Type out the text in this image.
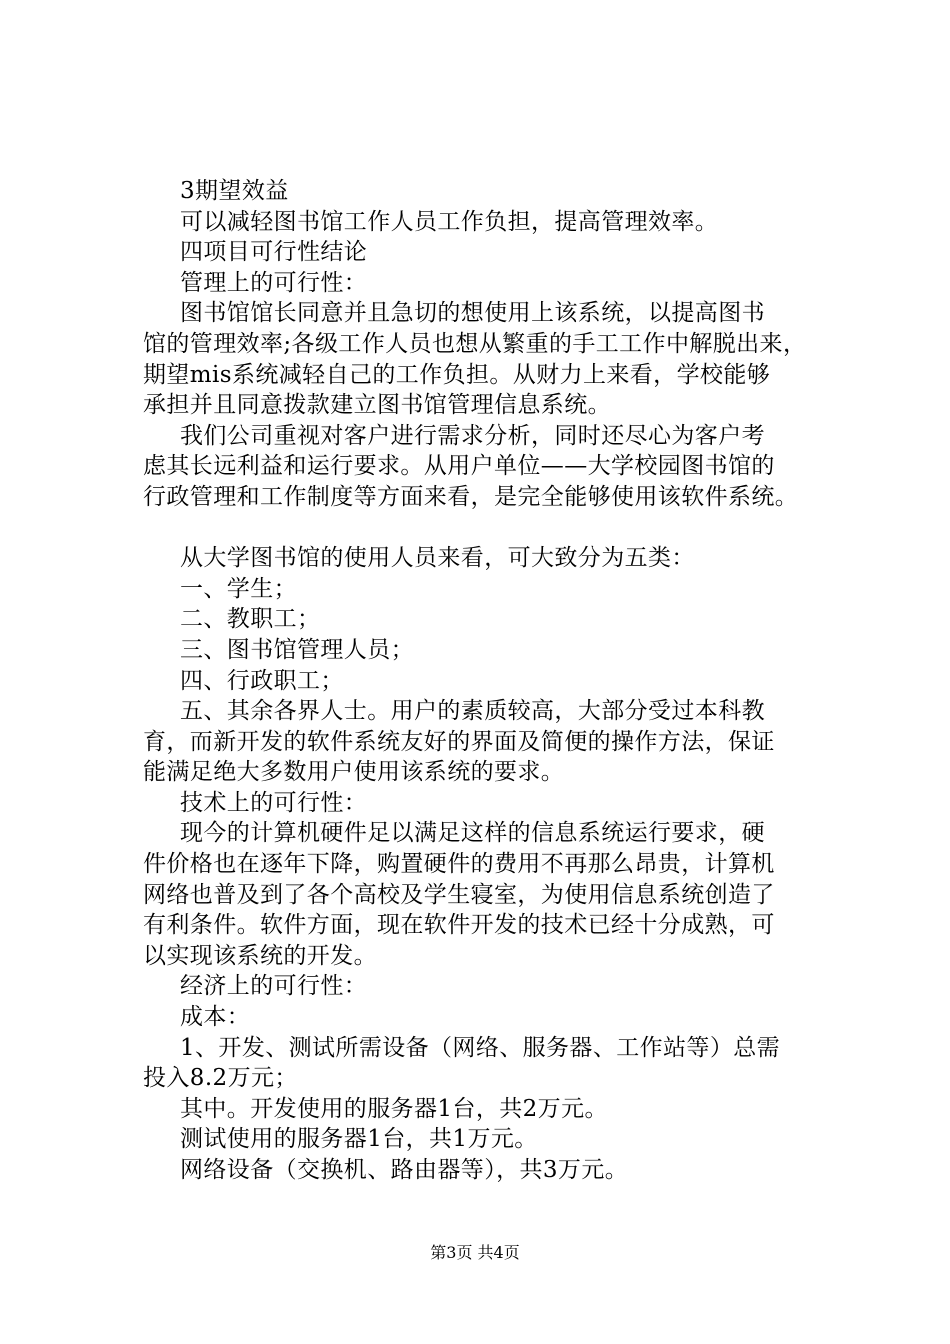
3期望效益
可以减轻图书馆工作人员工作负担，提高管理效率。
四项目可行性结论
管理上的可行性：
图书馆馆长同意并且急切的想使用上该系统，以提高图书
馆的管理效率;各级工作人员也想从繁重的手工工作中解脱出来，
期望mis系统减轻自己的工作负担。从财力上来看，学校能够
承担并且同意拨款建立图书馆管理信息系统。
我们公司重视对客户进行需求分析，同时还尽心为客户考
虑其长远利益和运行要求。从用户单位——大学校园图书馆的
行政管理和工作制度等方面来看，是完全能够使用该软件系统。
从大学图书馆的使用人员来看，可大致分为五类：
一、学生；
二、教职工；
三、图书馆管理人员；
四、行政职工；
五、其余各界人士。用户的素质较高，大部分受过本科教
育，而新开发的软件系统友好的界面及简便的操作方法，保证
能满足绝大多数用户使用该系统的要求。
技术上的可行性：
现今的计算机硬件足以满足这样的信息系统运行要求，硬
件价格也在逐年下降，购置硬件的费用不再那么昂贵，计算机
网络也普及到了各个高校及学生寝室，为使用信息系统创造了
有利条件。软件方面，现在软件开发的技术已经十分成熟，可
以实现该系统的开发。
经济上的可行性：
成本：
1、开发、测试所需设备（网络、服务器、工作站等）总需
投入8.2万元；
其中。开发使用的服务器1台，共2万元。
测试使用的服务器1台，共1万元。
网络设备（交换机、路由器等），共3万元。
第3页 共4页
